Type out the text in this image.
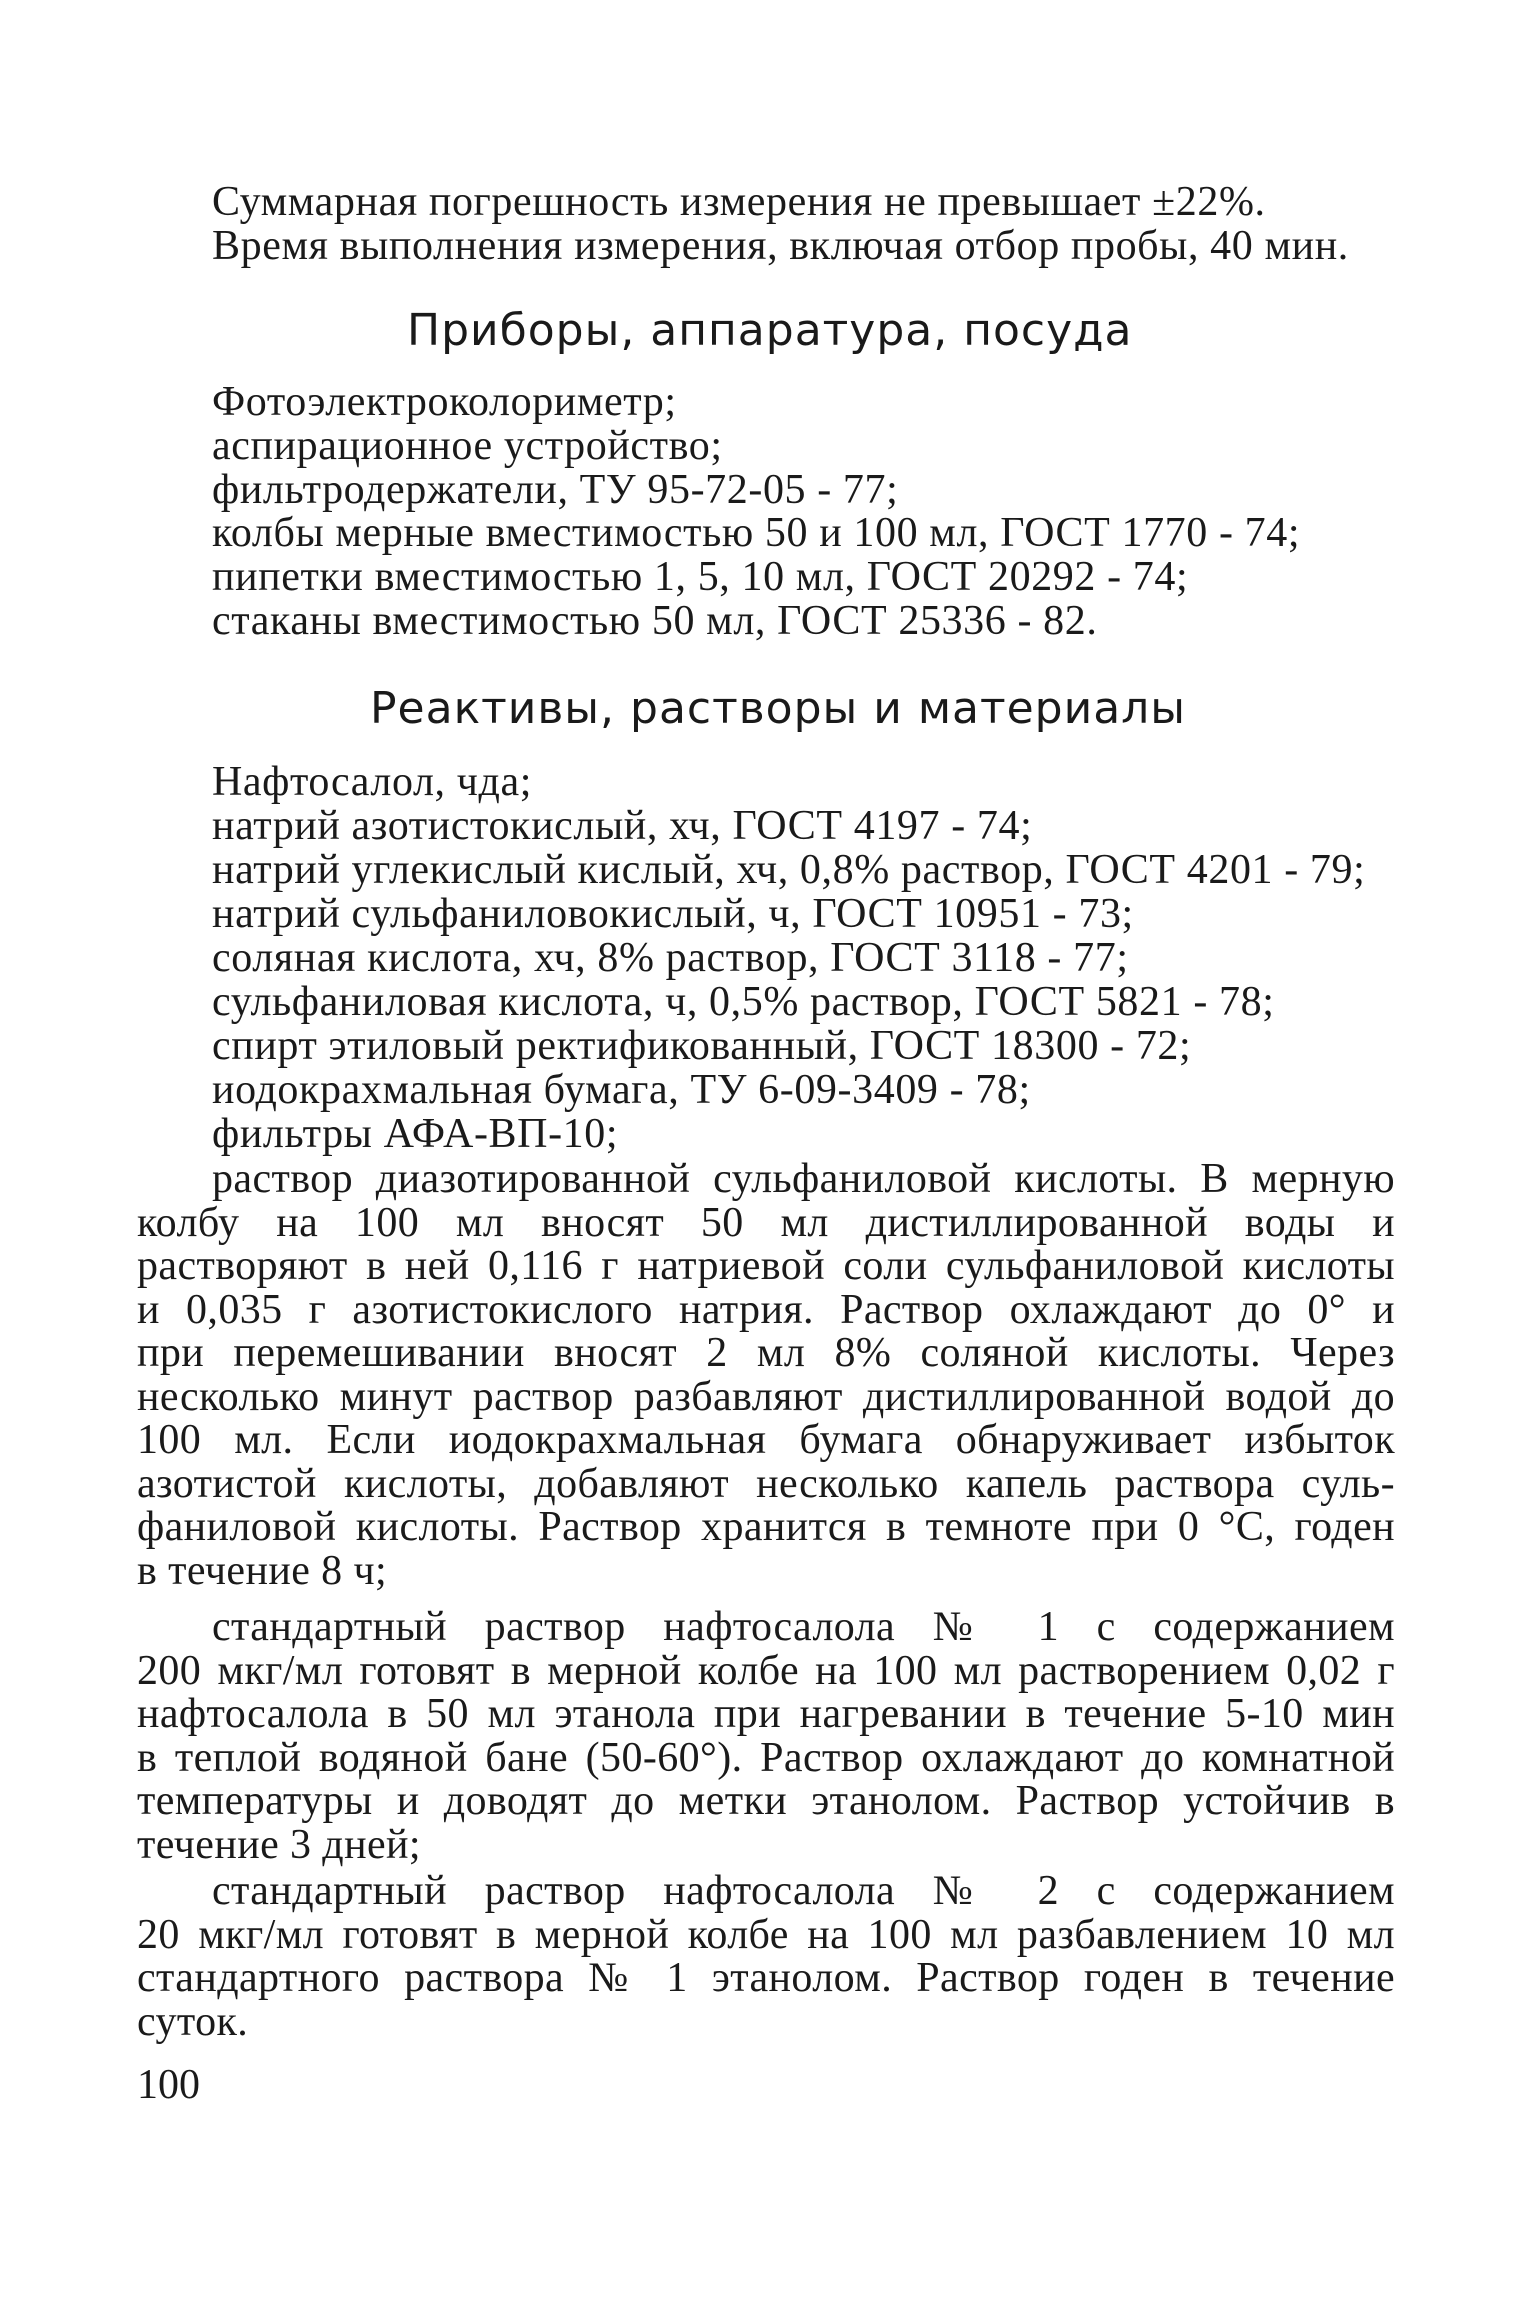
Суммарная погрешность измерения не превышает ±22%.
Время выполнения измерения, включая отбор пробы, 40 мин.
Приборы, аппаратура, посуда
Фотоэлектроколориметр;
аспирационное устройство;
фильтродержатели, ТУ 95-72-05 - 77;
колбы мерные вместимостью 50 и 100 мл, ГОСТ 1770 - 74;
пипетки вместимостью 1, 5, 10 мл, ГОСТ 20292 - 74;
стаканы вместимостью 50 мл, ГОСТ 25336 - 82.
Реактивы, растворы и материалы
Нафтосалол, чда;
натрий азотистокислый, хч, ГОСТ 4197 - 74;
натрий углекислый кислый, хч, 0,8% раствор, ГОСТ 4201 - 79;
натрий сульфаниловокислый, ч, ГОСТ 10951 - 73;
соляная кислота, хч, 8% раствор, ГОСТ 3118 - 77;
сульфаниловая кислота, ч, 0,5% раствор, ГОСТ 5821 - 78;
спирт этиловый ректификованный, ГОСТ 18300 - 72;
иодокрахмальная бумага, ТУ 6-09-3409 - 78;
фильтры АФА-ВП-10;
раствор диазотированной сульфаниловой кислоты. В мерную
колбу на 100 мл вносят 50 мл дистиллированной воды и
растворяют в ней 0,116 г натриевой соли сульфаниловой кислоты
и 0,035 г азотистокислого натрия. Раствор охлаждают до 0° и
при перемешивании вносят 2 мл 8% соляной кислоты. Через
несколько минут раствор разбавляют дистиллированной водой до
100 мл. Если иодокрахмальная бумага обнаруживает избыток
азотистой кислоты, добавляют несколько капель раствора суль-
фаниловой кислоты. Раствор хранится в темноте при 0 °С, годен
в течение 8 ч;
стандартный раствор нафтосалола № 1 с содержанием
200 мкг/мл готовят в мерной колбе на 100 мл растворением 0,02 г
нафтосалола в 50 мл этанола при нагревании в течение 5-10 мин
в теплой водяной бане (50-60°). Раствор охлаждают до комнатной
температуры и доводят до метки этанолом. Раствор устойчив в
течение 3 дней;
стандартный раствор нафтосалола № 2 с содержанием
20 мкг/мл готовят в мерной колбе на 100 мл разбавлением 10 мл
стандартного раствора № 1 этанолом. Раствор годен в течение
суток.
100
